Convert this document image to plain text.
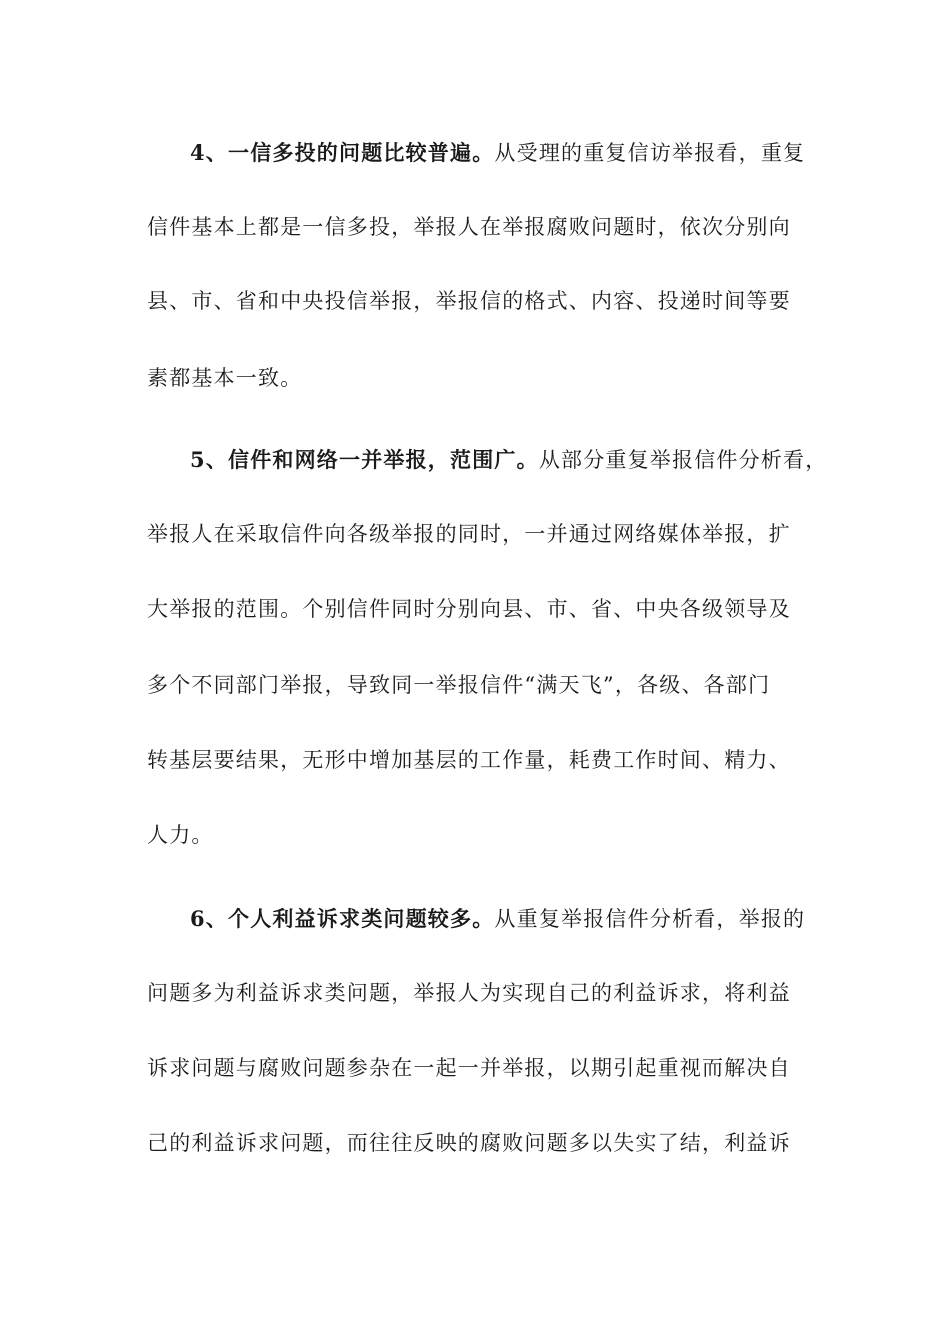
4、一信多投的问题比较普遍。从受理的重复信访举报看，重复
信件基本上都是一信多投，举报人在举报腐败问题时，依次分别向
县、市、省和中央投信举报，举报信的格式、内容、投递时间等要
素都基本一致。
5、信件和网络一并举报，范围广。从部分重复举报信件分析看，
举报人在采取信件向各级举报的同时，一并通过网络媒体举报，扩
大举报的范围。个别信件同时分别向县、市、省、中央各级领导及
多个不同部门举报，导致同一举报信件“满天飞”，各级、各部门
转基层要结果，无形中增加基层的工作量，耗费工作时间、精力、
人力。
6、个人利益诉求类问题较多。从重复举报信件分析看，举报的
问题多为利益诉求类问题，举报人为实现自己的利益诉求，将利益
诉求问题与腐败问题参杂在一起一并举报，以期引起重视而解决自
己的利益诉求问题，而往往反映的腐败问题多以失实了结，利益诉
